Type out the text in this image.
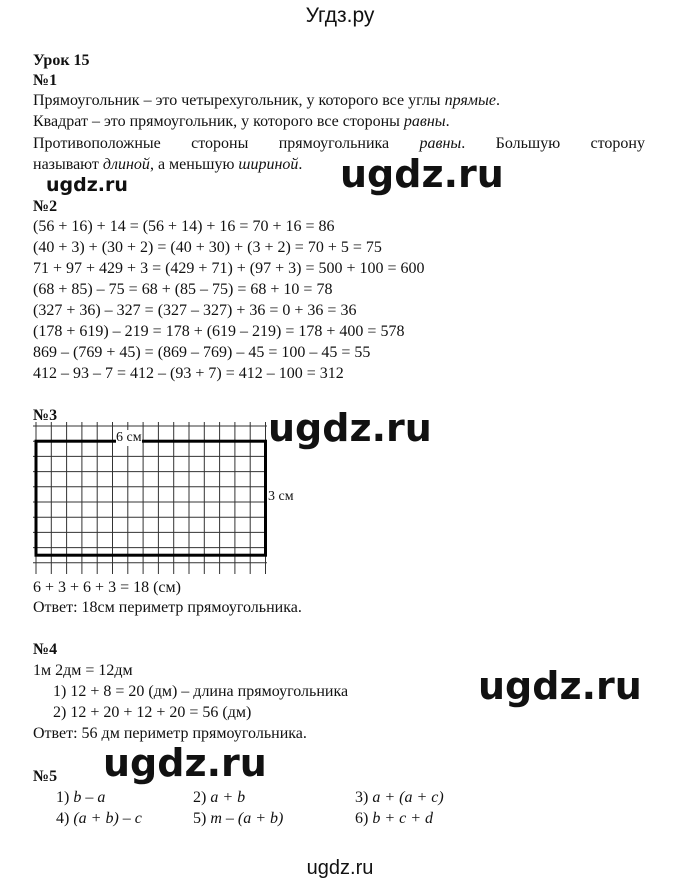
Угдз.ру
ugdz.ru	ugdz.ru
ugdz.ru
ugdz.ru
ugdz.ru
Урок 15
№1
Прямоугольник – это четырехугольник, у которого все углы прямые.
Квадрат – это прямоугольник, у которого все стороны равны.
Противоположные стороны прямоугольника равны. Большую сторону
называют длиной, а меньшую шириной.
№2
(56 + 16) + 14 = (56 + 14) + 16 = 70 + 16 = 86
(40 + 3) + (30 + 2) = (40 + 30) + (3 + 2) = 70 + 5 = 75
71 + 97 + 429 + 3 = (429 + 71) + (97 + 3) = 500 + 100 = 600
(68 + 85) – 75 = 68 + (85 – 75) = 68 + 10 = 78
(327 + 36) – 327 = (327 – 327) + 36 = 0 + 36 = 36
(178 + 619) – 219 = 178 + (619 – 219) = 178 + 400 = 578
869 – (769 + 45) = (869 – 769) – 45 = 100 – 45 = 55
412 – 93 – 7 = 412 – (93 + 7) = 412 – 100 = 312
№3
6 см
3 см
6 + 3 + 6 + 3 = 18 (см)
Ответ: 18см периметр прямоугольника.
№4
1м 2дм = 12дм
1) 12 + 8 = 20 (дм) – длина прямоугольника
2) 12 + 20 + 12 + 20 = 56 (дм)
Ответ: 56 дм периметр прямоугольника.
№5
1) b – a	2) a + b	3) a + (a + c)
4) (a + b) – c	5) m – (a + b)	6) b + c + d
ugdz.ru
